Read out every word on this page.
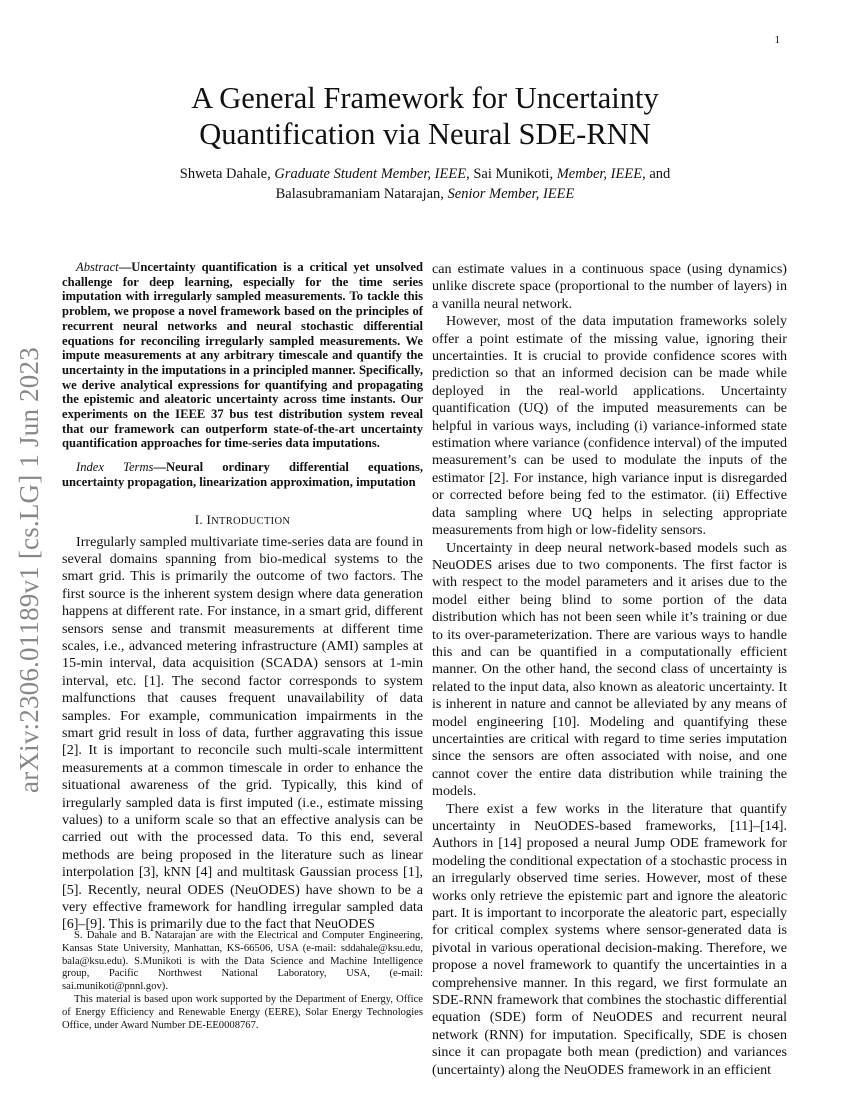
1
arXiv:2306.01189v1 [cs.LG] 1 Jun 2023
A General Framework for Uncertainty
Quantification via Neural SDE-RNN
Shweta Dahale, Graduate Student Member, IEEE, Sai Munikoti, Member, IEEE, and
Balasubramaniam Natarajan, Senior Member, IEEE

Abstract—Uncertainty quantification is a critical yet unsolved challenge for deep learning, especially for the time series imputation with irregularly sampled measurements. To tackle this problem, we propose a novel framework based on the principles of recurrent neural networks and neural stochastic differential equations for reconciling irregularly sampled measurements. We impute measurements at any arbitrary timescale and quantify the uncertainty in the imputations in a principled manner. Specifically, we derive analytical expressions for quantifying and propagating the epistemic and aleatoric uncertainty across time instants. Our experiments on the IEEE 37 bus test distribution system reveal that our framework can outperform state-of-the-art uncertainty quantification approaches for time-series data imputations.

Index Terms—Neural ordinary differential equations, uncertainty propagation, linearization approximation, imputation

I. INTRODUCTION

Irregularly sampled multivariate time-series data are found in several domains spanning from bio-medical systems to the smart grid. This is primarily the outcome of two factors. The first source is the inherent system design where data generation happens at different rate. For instance, in a smart grid, different sensors sense and transmit measurements at different time scales, i.e., advanced metering infrastructure (AMI) samples at 15-min interval, data acquisition (SCADA) sensors at 1-min interval, etc. [1]. The second factor corresponds to system malfunctions that causes frequent unavailability of data samples. For example, communication impairments in the smart grid result in loss of data, further aggravating this issue [2]. It is important to reconcile such multi-scale intermittent measurements at a common timescale in order to enhance the situational awareness of the grid. Typically, this kind of irregularly sampled data is first imputed (i.e., estimate missing values) to a uniform scale so that an effective analysis can be carried out with the processed data. To this end, several methods are being proposed in the literature such as linear interpolation [3], kNN [4] and multitask Gaussian process [1], [5]. Recently, neural ODES (NeuODES) have shown to be a very effective framework for handling irregular sampled data [6]–[9]. This is primarily due to the fact that NeuODES

S. Dahale and B. Natarajan are with the Electrical and Computer Engineering, Kansas State University, Manhattan, KS-66506, USA (e-mail: sddahale@ksu.edu, bala@ksu.edu). S.Munikoti is with the Data Science and Machine Intelligence group, Pacific Northwest National Laboratory, USA, (e-mail: sai.munikoti@pnnl.gov).

This material is based upon work supported by the Department of Energy, Office of Energy Efficiency and Renewable Energy (EERE), Solar Energy Technologies Office, under Award Number DE-EE0008767.

can estimate values in a continuous space (using dynamics) unlike discrete space (proportional to the number of layers) in a vanilla neural network.

However, most of the data imputation frameworks solely offer a point estimate of the missing value, ignoring their uncertainties. It is crucial to provide confidence scores with prediction so that an informed decision can be made while deployed in the real-world applications. Uncertainty quantification (UQ) of the imputed measurements can be helpful in various ways, including (i) variance-informed state estimation where variance (confidence interval) of the imputed measurement’s can be used to modulate the inputs of the estimator [2]. For instance, high variance input is disregarded or corrected before being fed to the estimator. (ii) Effective data sampling where UQ helps in selecting appropriate measurements from high or low-fidelity sensors.

Uncertainty in deep neural network-based models such as NeuODES arises due to two components. The first factor is with respect to the model parameters and it arises due to the model either being blind to some portion of the data distribution which has not been seen while it’s training or due to its over-parameterization. There are various ways to handle this and can be quantified in a computationally efficient manner. On the other hand, the second class of uncertainty is related to the input data, also known as aleatoric uncertainty. It is inherent in nature and cannot be alleviated by any means of model engineering [10]. Modeling and quantifying these uncertainties are critical with regard to time series imputation since the sensors are often associated with noise, and one cannot cover the entire data distribution while training the models.

There exist a few works in the literature that quantify uncertainty in NeuODES-based frameworks, [11]–[14]. Authors in [14] proposed a neural Jump ODE framework for modeling the conditional expectation of a stochastic process in an irregularly observed time series. However, most of these works only retrieve the epistemic part and ignore the aleatoric part. It is important to incorporate the aleatoric part, especially for critical complex systems where sensor-generated data is pivotal in various operational decision-making. Therefore, we propose a novel framework to quantify the uncertainties in a comprehensive manner. In this regard, we first formulate an SDE-RNN framework that combines the stochastic differential equation (SDE) form of NeuODES and recurrent neural network (RNN) for imputation. Specifically, SDE is chosen since it can propagate both mean (prediction) and variances (uncertainty) along the NeuODES framework in an efficient
